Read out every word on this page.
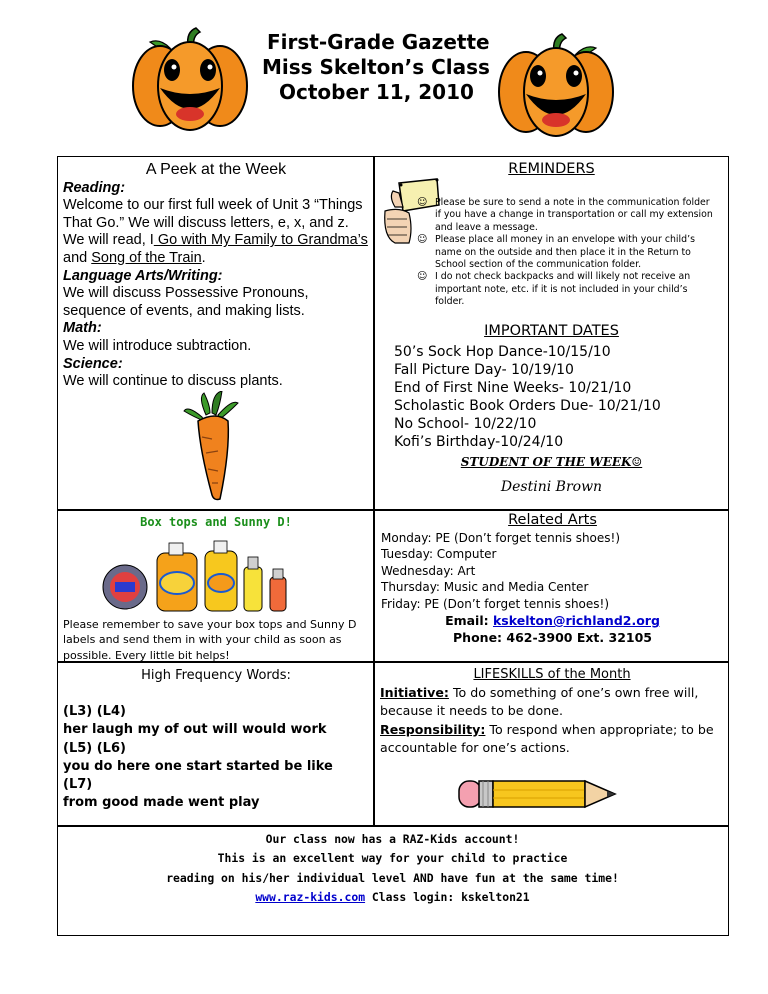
First-Grade Gazette
Miss Skelton’s Class
October 11, 2010
A Peek at the Week
Reading:
Welcome to our first full week of Unit 3 “Things That Go.” We will discuss letters, e, x, and z. We will read, I Go with My Family to Grandma’s and Song of the Train.
Language Arts/Writing:
We will discuss Possessive Pronouns, sequence of events, and making lists.
Math:
We will introduce subtraction.
Science:
We will continue to discuss plants.
REMINDERS
☺ Please be sure to send a note in the communication folder if you have a change in transportation or call my extension and leave a message.
☺ Please place all money in an envelope with your child’s name on the outside and then place it in the Return to School section of the communication folder.
☺ I do not check backpacks and will likely not receive an important note, etc. if it is not included in your child’s folder.
IMPORTANT DATES
50’s Sock Hop Dance-10/15/10
Fall Picture Day- 10/19/10
End of First Nine Weeks- 10/21/10
Scholastic Book Orders Due- 10/21/10
No School- 10/22/10
Kofi’s Birthday-10/24/10
STUDENT OF THE WEEK☺
Destini Brown
Box tops and Sunny D!
Please remember to save your box tops and Sunny D labels and send them in with your child as soon as possible. Every little bit helps!
Related Arts
Monday: PE (Don’t forget tennis shoes!)
Tuesday: Computer
Wednesday: Art
Thursday: Music and Media Center
Friday: PE (Don’t forget tennis shoes!)
Email: kskelton@richland2.org
Phone: 462-3900 Ext. 32105
High Frequency Words:
(L3) (L4)
her laugh my of out will would work
(L5) (L6)
you do here one start started be like
(L7)
from good made went play
LIFESKILLS of the Month
Initiative: To do something of one’s own free will, because it needs to be done.
Responsibility: To respond when appropriate; to be accountable for one’s actions.
Our class now has a RAZ-Kids account!
This is an excellent way for your child to practice
reading on his/her individual level AND have fun at the same time!
www.raz-kids.com Class login: kskelton21
